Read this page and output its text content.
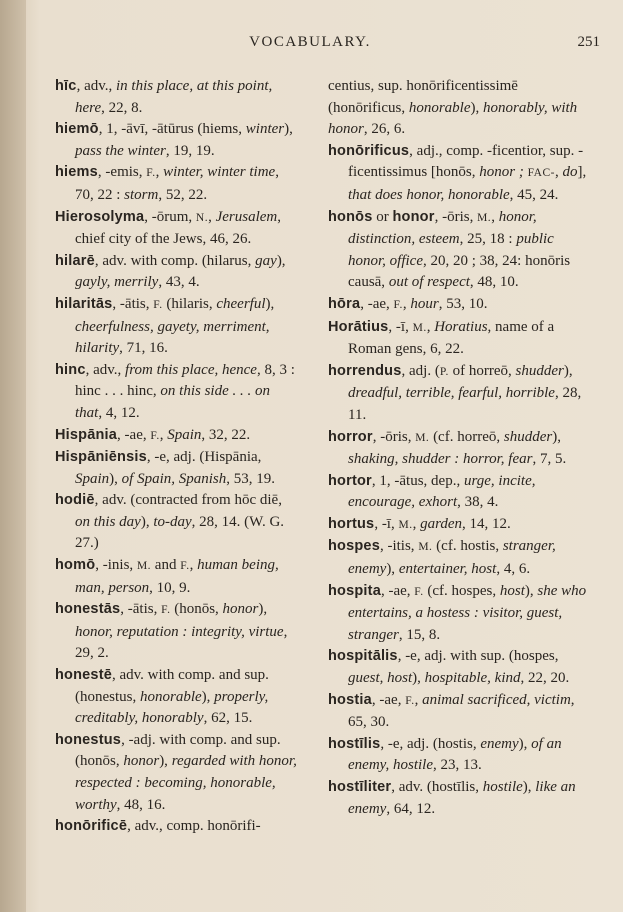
VOCABULARY.	251
hīc, adv., in this place, at this point, here, 22, 8.
hiemō, 1, -āvī, -ātūrus (hiems, winter), pass the winter, 19, 19.
hiems, -emis, F., winter, winter time, 70, 22 : storm, 52, 22.
Hierosolyma, -ōrum, N., Jerusalem, chief city of the Jews, 46, 26.
hilarē, adv. with comp. (hilarus, gay), gayly, merrily, 43, 4.
hilaritās, -ātis, F. (hilaris, cheerful), cheerfulness, gayety, merriment, hilarity, 71, 16.
hinc, adv., from this place, hence, 8, 3 : hinc . . . hinc, on this side . . . on that, 4, 12.
Hispānia, -ae, F., Spain, 32, 22.
Hispāniēnsis, -e, adj. (Hispānia, Spain), of Spain, Spanish, 53, 19.
hodiē, adv. (contracted from hōc diē, on this day), to-day, 28, 14. (W. G. 27.)
homō, -inis, M. and F., human being, man, person, 10, 9.
honestās, -ātis, F. (honōs, honor), honor, reputation : integrity, virtue, 29, 2.
honestē, adv. with comp. and sup. (honestus, honorable), properly, creditably, honorably, 62, 15.
honestus, -adj. with comp. and sup. (honōs, honor), regarded with honor, respected : becoming, honorable, worthy, 48, 16.
honōrificē, adv., comp. honōrifi-
centius, sup. honōrificentissimē (honōrificus, honorable), honorably, with honor, 26, 6.
honōrificus, adj., comp. -ficentior, sup. -ficentissimus [honōs, honor ; FAC-, do], that does honor, honorable, 45, 24.
honōs or honor, -ōris, M., honor, distinction, esteem, 25, 18 : public honor, office, 20, 20 ; 38, 24: honōris causā, out of respect, 48, 10.
hōra, -ae, F., hour, 53, 10.
Horātius, -ī, M., Horatius, name of a Roman gens, 6, 22.
horrendus, adj. (P. of horreō, shudder), dreadful, terrible, fearful, horrible, 28, 11.
horror, -ōris, M. (cf. horreō, shudder), shaking, shudder : horror, fear, 7, 5.
hortor, 1, -ātus, dep., urge, incite, encourage, exhort, 38, 4.
hortus, -ī, M., garden, 14, 12.
hospes, -itis, M. (cf. hostis, stranger, enemy), entertainer, host, 4, 6.
hospita, -ae, F. (cf. hospes, host), she who entertains, a hostess : visitor, guest, stranger, 15, 8.
hospitālis, -e, adj. with sup. (hospes, guest, host), hospitable, kind, 22, 20.
hostia, -ae, F., animal sacrificed, victim, 65, 30.
hostīlis, -e, adj. (hostis, enemy), of an enemy, hostile, 23, 13.
hostīliter, adv. (hostīlis, hostile), like an enemy, 64, 12.
